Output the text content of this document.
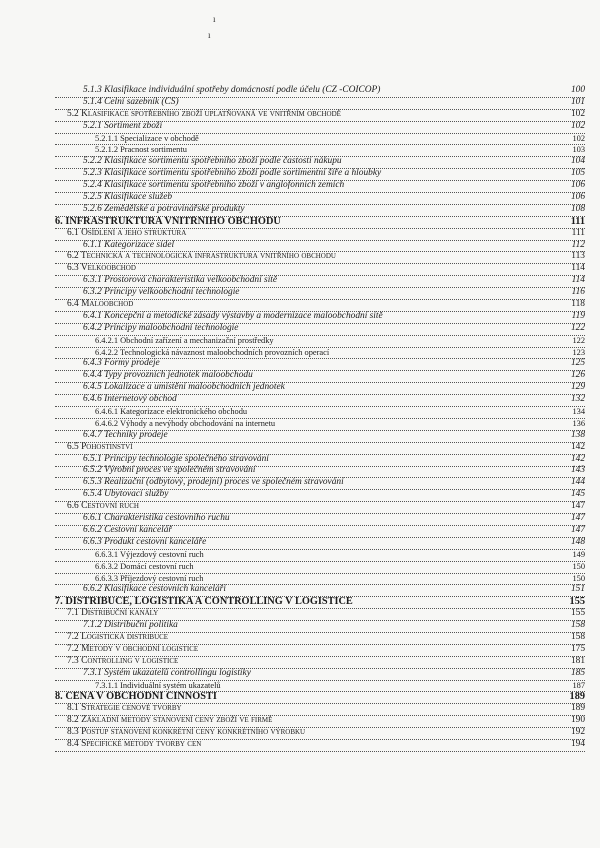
ı
ı
5.1.3 Klasifikace individuální spotřeby domácností podle účelu (CZ -COICOP)	100
5.1.4 Celní sazebník (CS)	101
5.2 Klasifikace spotřebního zboží uplatňovaná ve vnitřním obchodě	102
5.2.1 Sortiment zboží	102
5.2.1.1 Specializace v obchodě	102
5.2.1.2 Pracnost sortimentu	103
5.2.2 Klasifikace sortimentu spotřebního zboží podle častosti nákupu	104
5.2.3 Klasifikace sortimentu spotřebního zboží podle sortimentní šíře a hloubky	105
5.2.4 Klasifikace sortimentu spotřebního zboží v anglofonních zemích	106
5.2.5 Klasifikace služeb	106
5.2.6 Zemědělské a potravinářské produkty	108
6. INFRASTRUKTURA VNITŘNÍHO OBCHODU	111
6.1 Osídlení a jeho struktura	111
6.1.1 Kategorizace sídel	112
6.2 Technická a technologická infrastruktura vnitřního obchodu	113
6.3 Velkoobchod	114
6.3.1 Prostorová charakteristika velkoobchodní sítě	114
6.3.2 Principy velkoobchodní technologie	116
6.4 Maloobchod	118
6.4.1 Koncepční a metodické zásady výstavby a modernizace maloobchodní sítě	119
6.4.2 Principy maloobchodní technologie	122
6.4.2.1 Obchodní zařízení a mechanizační prostředky	122
6.4.2.2 Technologická návaznost maloobchodních provozních operací	123
6.4.3 Formy prodeje	125
6.4.4 Typy provozních jednotek maloobchodu	126
6.4.5 Lokalizace a umístění maloobchodních jednotek	129
6.4.6 Internetový obchod	132
6.4.6.1 Kategorizace elektronického obchodu	134
6.4.6.2 Výhody a nevýhody obchodování na internetu	136
6.4.7 Techniky prodeje	138
6.5 Pohostinství	142
6.5.1 Principy technologie společného stravování	142
6.5.2 Výrobní proces ve společném stravování	143
6.5.3 Realizační (odbytový, prodejní) proces ve společném stravování	144
6.5.4 Ubytovací služby	145
6.6 Cestovní ruch	147
6.6.1 Charakteristika cestovního ruchu	147
6.6.2 Cestovní kancelář	147
6.6.3 Produkt cestovní kanceláře	148
6.6.3.1 Výjezdový cestovní ruch	149
6.6.3.2 Domácí cestovní ruch	150
6.6.3.3 Příjezdový cestovní ruch	150
6.6.2 Klasifikace cestovních kanceláří	151
7. DISTRIBUCE, LOGISTIKA A CONTROLLING V LOGISTICE	155
7.1 Distribuční kanály	155
7.1.2 Distribuční politika	158
7.2 Logistická distribuce	158
7.2 Metody v obchodní logistice	175
7.3 Controlling v logistice	181
7.3.1 Systém ukazatelů controllingu logistiky	185
7.3.1.1 Individuální systém ukazatelů	187
8. CENA V OBCHODNÍ ČINNOSTI	189
8.1 Strategie cenové tvorby	189
8.2 Základní metody stanovení ceny zboží ve firmě	190
8.3 Postup stanovení konkrétní ceny konkrétního výrobku	192
8.4 Specifické metody tvorby cen	194
